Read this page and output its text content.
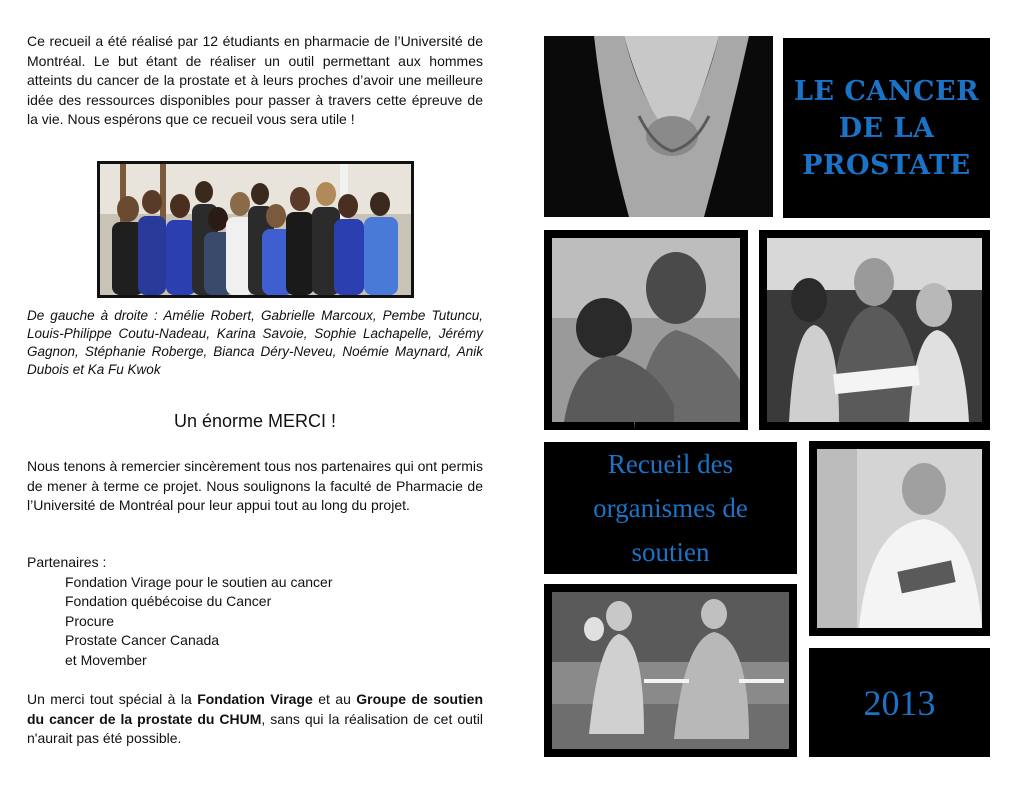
Ce recueil a été réalisé par 12 étudiants en pharmacie de l’Université de Montréal. Le but étant de réaliser un outil permettant aux hommes atteints du cancer de la prostate et à leurs proches d’avoir une meilleure idée des ressources disponibles pour passer à travers cette épreuve de la vie. Nous espérons que ce recueil vous sera utile !

De gauche à droite : Amélie Robert, Gabrielle Marcoux, Pembe Tutuncu, Louis-Philippe Coutu-Nadeau, Karina Savoie, Sophie Lachapelle, Jérémy Gagnon, Stéphanie Roberge, Bianca Déry-Neveu, Noémie Maynard, Anik Dubois et Ka Fu Kwok
Un énorme MERCI !

Nous tenons à remercier sincèrement tous nos partenaires qui ont permis de mener à terme ce projet. Nous soulignons la faculté de Pharmacie de l’Université de Montréal pour leur appui tout au long du projet.

Partenaires :
Fondation Virage pour le soutien au cancer
Fondation québécoise du Cancer
Procure
Prostate Cancer Canada
et Movember

Un merci tout spécial à la Fondation Virage et au Groupe de soutien du cancer de la prostate du CHUM, sans qui la réalisation de cet outil n'aurait pas été possible.

LE CANCER
DE LA
PROSTATE
Recueil des
organismes de
soutien
2013
